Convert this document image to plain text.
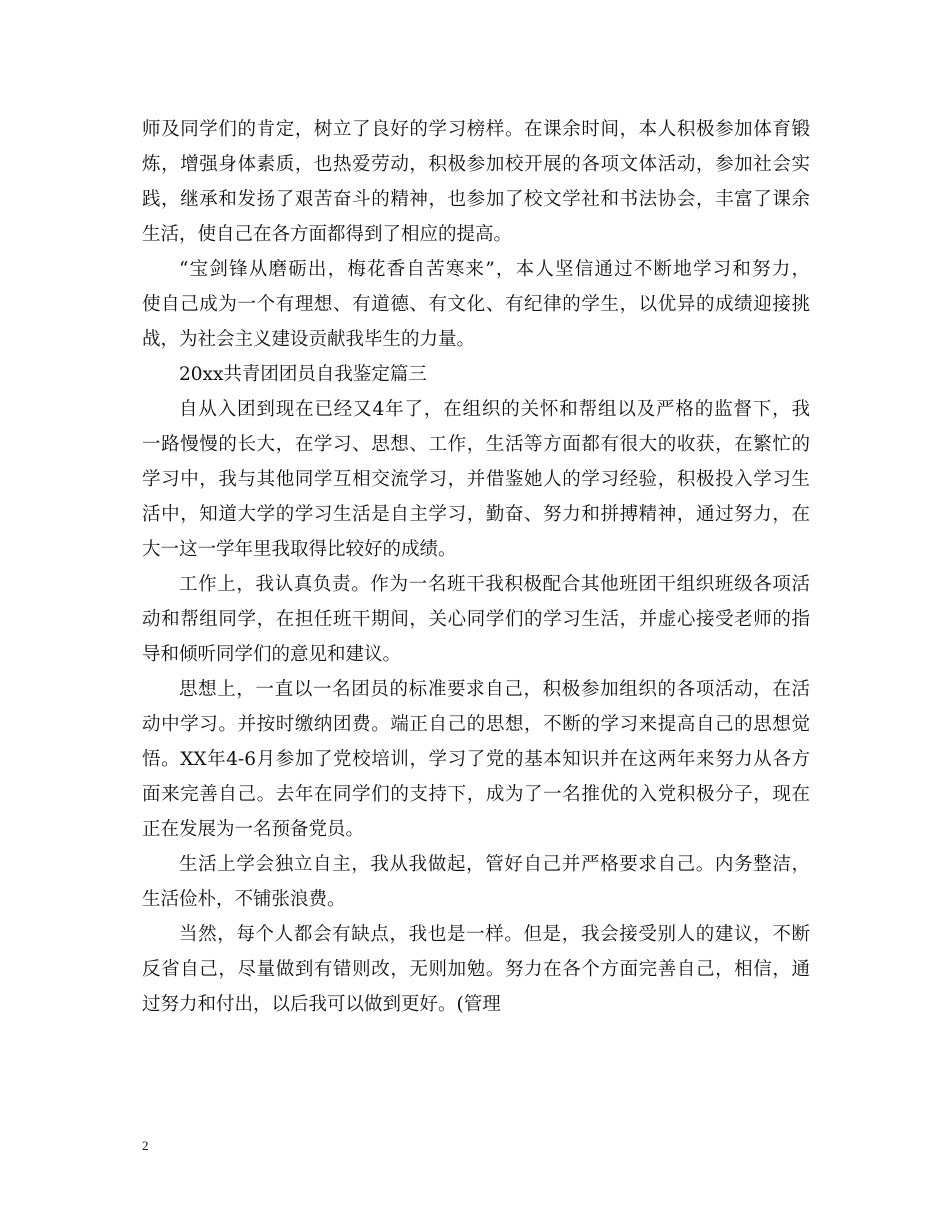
师及同学们的肯定，树立了良好的学习榜样。在课余时间，本人积极参加体育锻
炼，增强身体素质，也热爱劳动，积极参加校开展的各项文体活动，参加社会实
践，继承和发扬了艰苦奋斗的精神，也参加了校文学社和书法协会，丰富了课余
生活，使自己在各方面都得到了相应的提高。
“宝剑锋从磨砺出，梅花香自苦寒来”，本人坚信通过不断地学习和努力，
使自己成为一个有理想、有道德、有文化、有纪律的学生，以优异的成绩迎接挑
战，为社会主义建设贡献我毕生的力量。
20xx共青团团员自我鉴定篇三
自从入团到现在已经又4年了，在组织的关怀和帮组以及严格的监督下，我
一路慢慢的长大，在学习、思想、工作，生活等方面都有很大的收获，在繁忙的
学习中，我与其他同学互相交流学习，并借鉴她人的学习经验，积极投入学习生
活中，知道大学的学习生活是自主学习，勤奋、努力和拼搏精神，通过努力，在
大一这一学年里我取得比较好的成绩。
工作上，我认真负责。作为一名班干我积极配合其他班团干组织班级各项活
动和帮组同学，在担任班干期间，关心同学们的学习生活，并虚心接受老师的指
导和倾听同学们的意见和建议。
思想上，一直以一名团员的标准要求自己，积极参加组织的各项活动，在活
动中学习。并按时缴纳团费。端正自己的思想，不断的学习来提高自己的思想觉
悟。XX年4-6月参加了党校培训，学习了党的基本知识并在这两年来努力从各方
面来完善自己。去年在同学们的支持下，成为了一名推优的入党积极分子，现在
正在发展为一名预备党员。
生活上学会独立自主，我从我做起，管好自己并严格要求自己。内务整洁，
生活俭朴，不铺张浪费。
当然，每个人都会有缺点，我也是一样。但是，我会接受别人的建议，不断
反省自己，尽量做到有错则改，无则加勉。努力在各个方面完善自己，相信，通
过努力和付出，以后我可以做到更好。(管理
2
